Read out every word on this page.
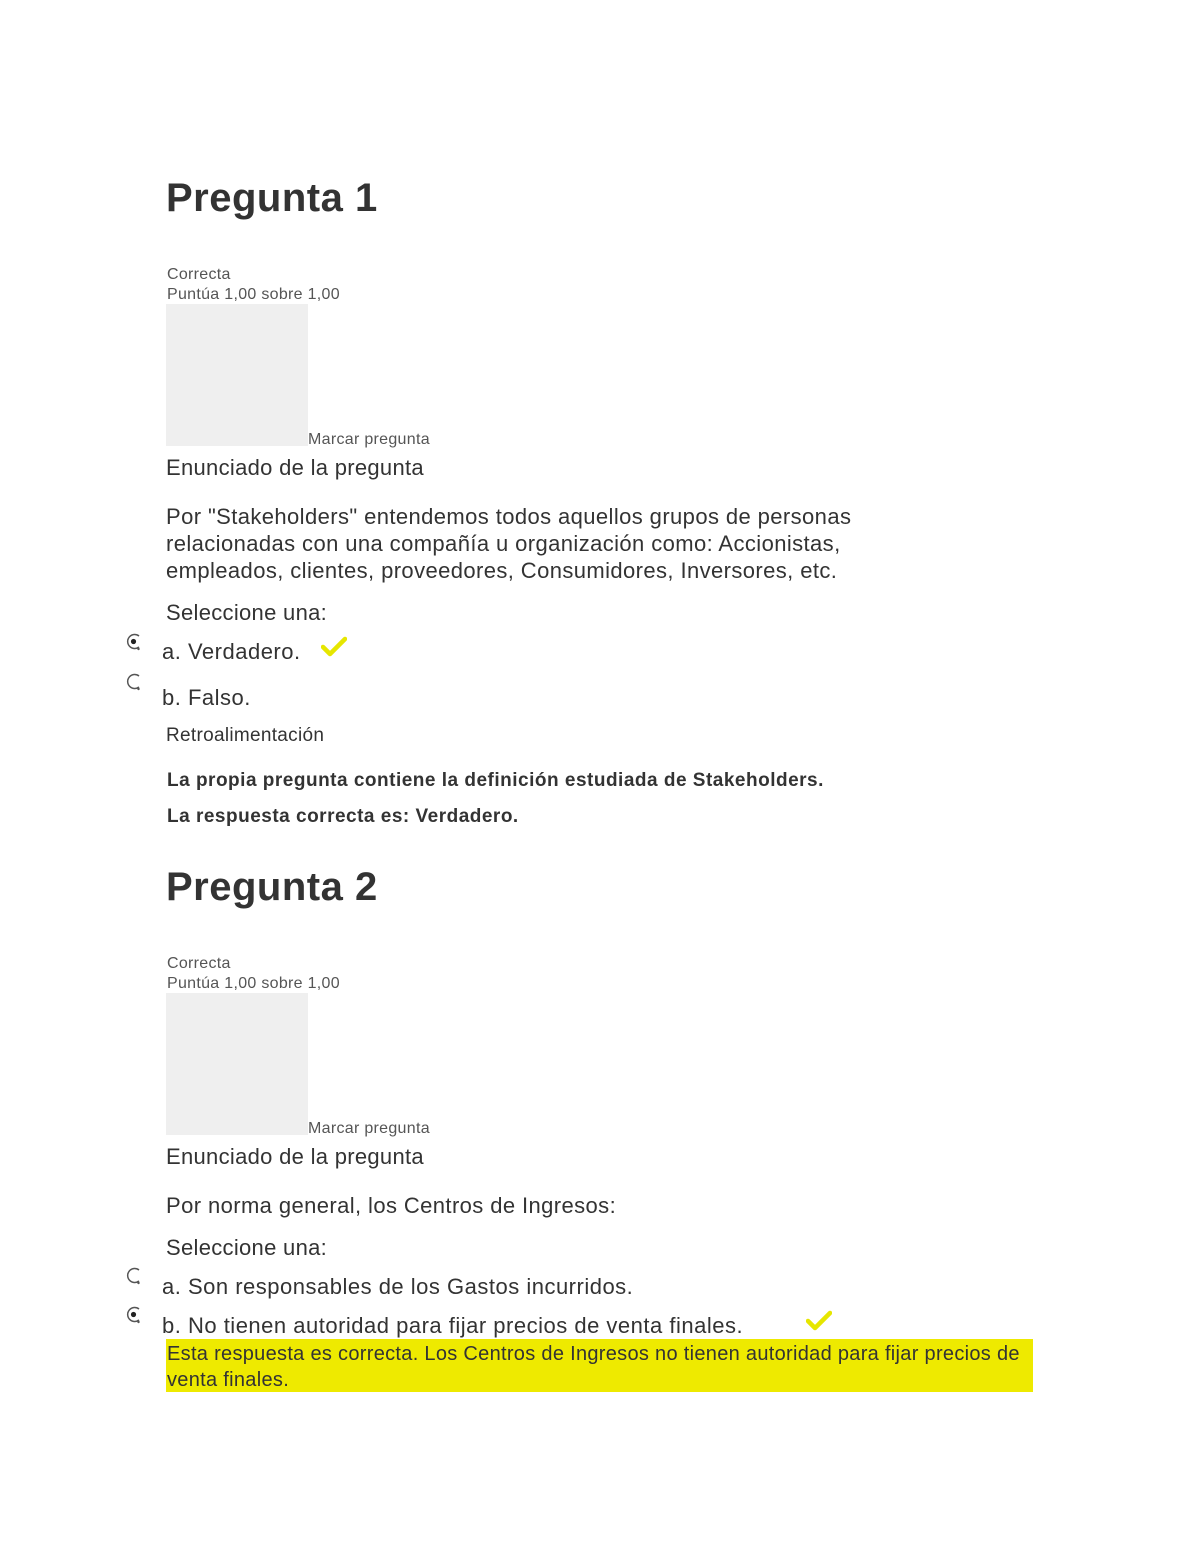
Pregunta 1
Correcta
Puntúa 1,00 sobre 1,00
Marcar pregunta
Enunciado de la pregunta
Por "Stakeholders" entendemos todos aquellos grupos de personas relacionadas con una compañía u organización como: Accionistas, empleados, clientes, proveedores, Consumidores, Inversores, etc.
Seleccione una:
a. Verdadero.
b. Falso.
Retroalimentación
La propia pregunta contiene la definición estudiada de Stakeholders.
La respuesta correcta es: Verdadero.
Pregunta 2
Correcta
Puntúa 1,00 sobre 1,00
Marcar pregunta
Enunciado de la pregunta
Por norma general, los Centros de Ingresos:
Seleccione una:
a. Son responsables de los Gastos incurridos.
b. No tienen autoridad para fijar precios de venta finales.
Esta respuesta es correcta. Los Centros de Ingresos no tienen autoridad para fijar precios de venta finales.
